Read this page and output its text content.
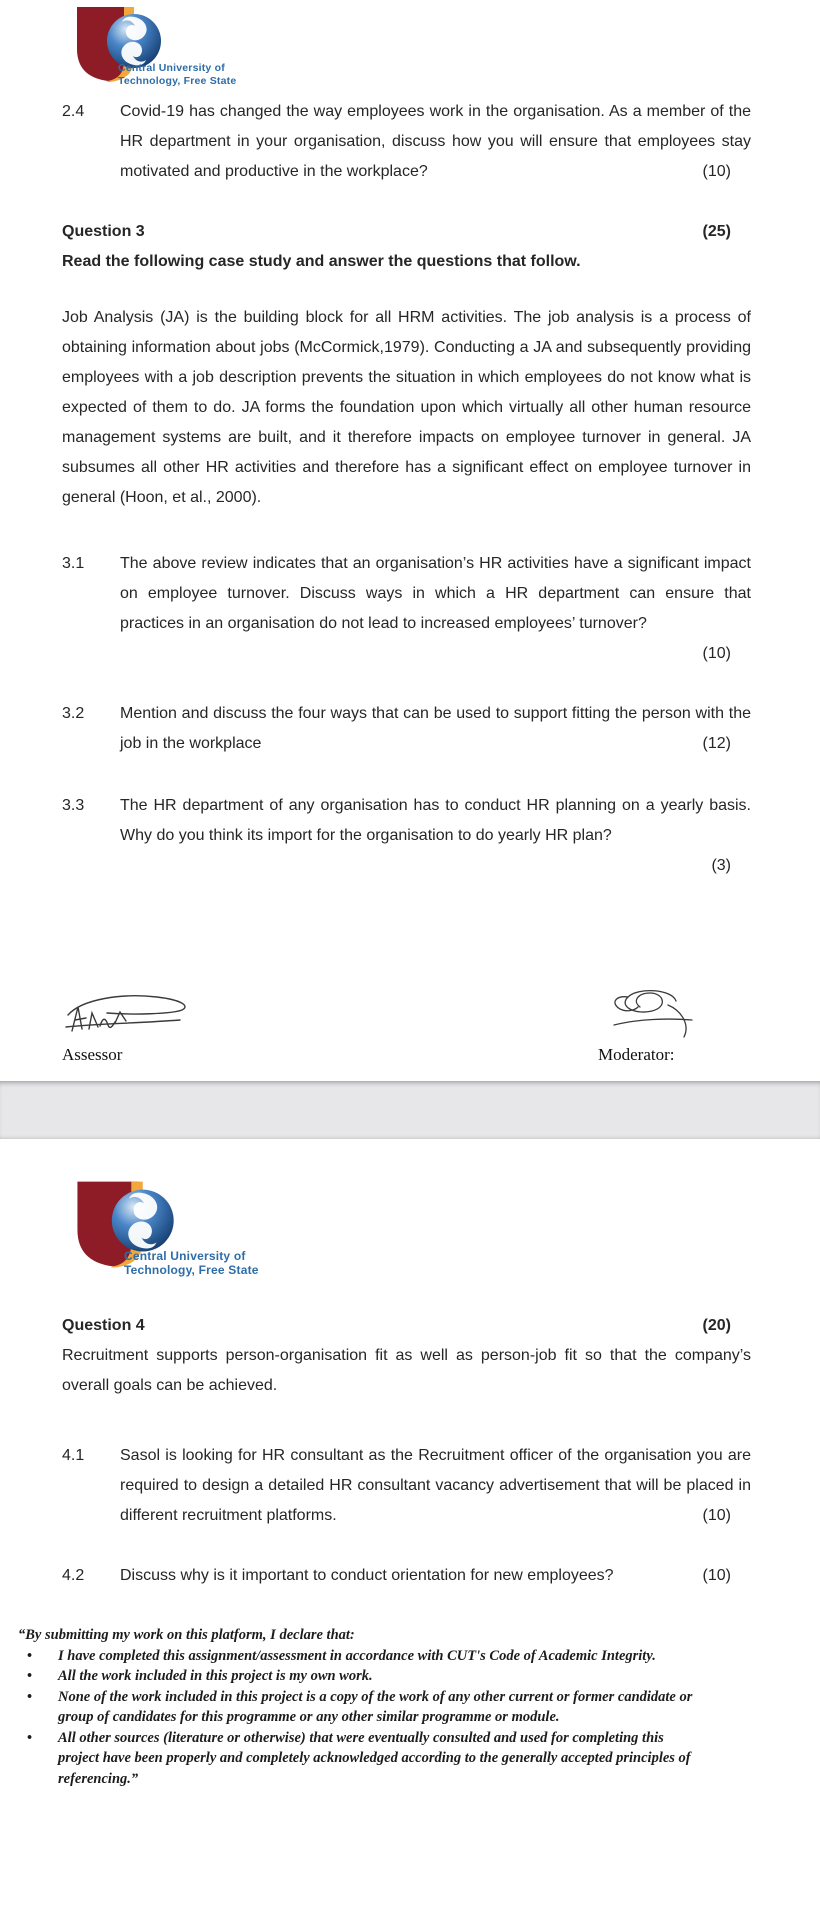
Central University of
Technology, Free State
2.4	Covid-19 has changed the way employees work in the organisation. As a member of the HR department in your organisation, discuss how you will ensure that employees stay motivated and productive in the workplace?	(10)
Question 3	(25)
Read the following case study and answer the questions that follow.
Job Analysis (JA) is the building block for all HRM activities. The job analysis is a process of obtaining information about jobs (McCormick,1979). Conducting a JA and subsequently providing employees with a job description prevents the situation in which employees do not know what is expected of them to do. JA forms the foundation upon which virtually all other human resource management systems are built, and it therefore impacts on employee turnover in general. JA subsumes all other HR activities and therefore has a significant effect on employee turnover in general (Hoon, et al., 2000).
3.1	The above review indicates that an organisation’s HR activities have a significant impact on employee turnover. Discuss ways in which a HR department can ensure that practices in an organisation do not lead to increased employees’ turnover?
(10)
3.2	Mention and discuss the four ways that can be used to support fitting the person with the job in the workplace	(12)
3.3	The HR department of any organisation has to conduct HR planning on a yearly basis. Why do you think its import for the organisation to do yearly HR plan?
(3)
Assessor	Moderator:
Central University of
Technology, Free State
Question 4	(20)
Recruitment supports person-organisation fit as well as person-job fit so that the company’s overall goals can be achieved.
4.1	Sasol is looking for HR consultant as the Recruitment officer of the organisation you are required to design a detailed HR consultant vacancy advertisement that will be placed in different recruitment platforms.	(10)
4.2	Discuss why is it important to conduct orientation for new employees?	(10)

“By submitting my work on this platform, I declare that:

• I have completed this assignment/assessment in accordance with CUT's Code of Academic Integrity.
• All the work included in this project is my own work.
• None of the work included in this project is a copy of the work of any other current or former candidate or group of candidates for this programme or any other similar programme or module.
• All other sources (literature or otherwise) that were eventually consulted and used for completing this project have been properly and completely acknowledged according to the generally accepted principles of referencing.”
